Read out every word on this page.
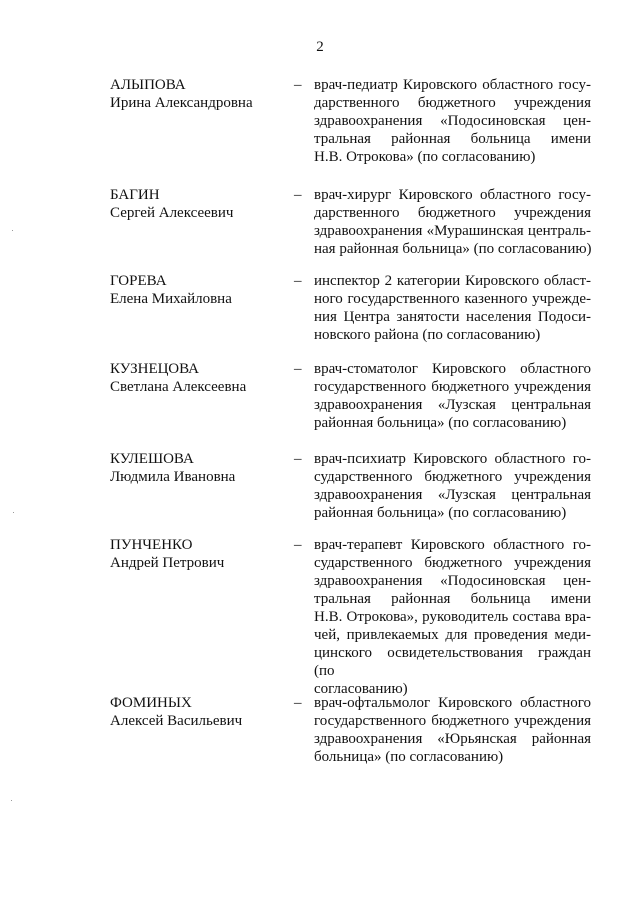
2
АЛЫПОВА
Ирина Александровна
– врач-педиатр Кировского областного госу-
дарственного бюджетного учреждения
здравоохранения «Подосиновская цен-
тральная районная больница имени
Н.В. Отрокова» (по согласованию)
БАГИН
Сергей Алексеевич
– врач-хирург Кировского областного госу-
дарственного бюджетного учреждения
здравоохранения «Мурашинская централь-
ная районная больница» (по согласованию)
ГОРЕВА
Елена Михайловна
– инспектор 2 категории Кировского област-
ного государственного казенного учрежде-
ния Центра занятости населения Подоси-
новского района (по согласованию)
КУЗНЕЦОВА
Светлана Алексеевна
– врач-стоматолог Кировского областного
государственного бюджетного учреждения
здравоохранения «Лузская центральная
районная больница» (по согласованию)
КУЛЕШОВА
Людмила Ивановна
– врач-психиатр Кировского областного го-
сударственного бюджетного учреждения
здравоохранения «Лузская центральная
районная больница» (по согласованию)
ПУНЧЕНКО
Андрей Петрович
– врач-терапевт Кировского областного го-
сударственного бюджетного учреждения
здравоохранения «Подосиновская цен-
тральная районная больница имени
Н.В. Отрокова», руководитель состава вра-
чей, привлекаемых для проведения меди-
цинского освидетельствования граждан (по
согласованию)
ФОМИНЫХ
Алексей Васильевич
– врач-офтальмолог Кировского областного
государственного бюджетного учреждения
здравоохранения «Юрьянская районная
больница» (по согласованию)
